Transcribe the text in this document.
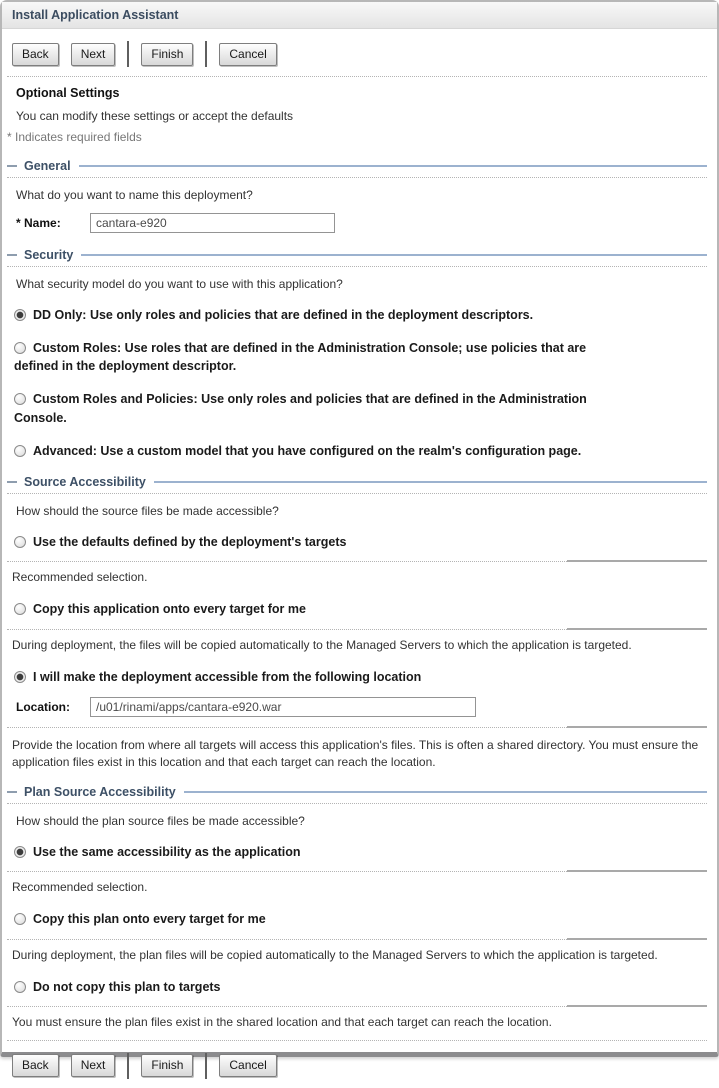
Install Application Assistant
Back	Next	Finish	Cancel
Optional Settings
You can modify these settings or accept the defaults
* Indicates required fields
General
What do you want to name this deployment?
* Name:
cantara-e920
Security
What security model do you want to use with this application?
DD Only: Use only roles and policies that are defined in the deployment descriptors.
Custom Roles: Use roles that are defined in the Administration Console; use policies that are defined in the deployment descriptor.
Custom Roles and Policies: Use only roles and policies that are defined in the Administration Console.
Advanced: Use a custom model that you have configured on the realm's configuration page.
Source Accessibility
How should the source files be made accessible?
Use the defaults defined by the deployment's targets
Recommended selection.
Copy this application onto every target for me
During deployment, the files will be copied automatically to the Managed Servers to which the application is targeted.
I will make the deployment accessible from the following location
Location:
/u01/rinami/apps/cantara-e920.war
Provide the location from where all targets will access this application's files. This is often a shared directory. You must ensure the application files exist in this location and that each target can reach the location.
Plan Source Accessibility
How should the plan source files be made accessible?
Use the same accessibility as the application
Recommended selection.
Copy this plan onto every target for me
During deployment, the plan files will be copied automatically to the Managed Servers to which the application is targeted.
Do not copy this plan to targets
You must ensure the plan files exist in the shared location and that each target can reach the location.
Back	Next	Finish	Cancel
